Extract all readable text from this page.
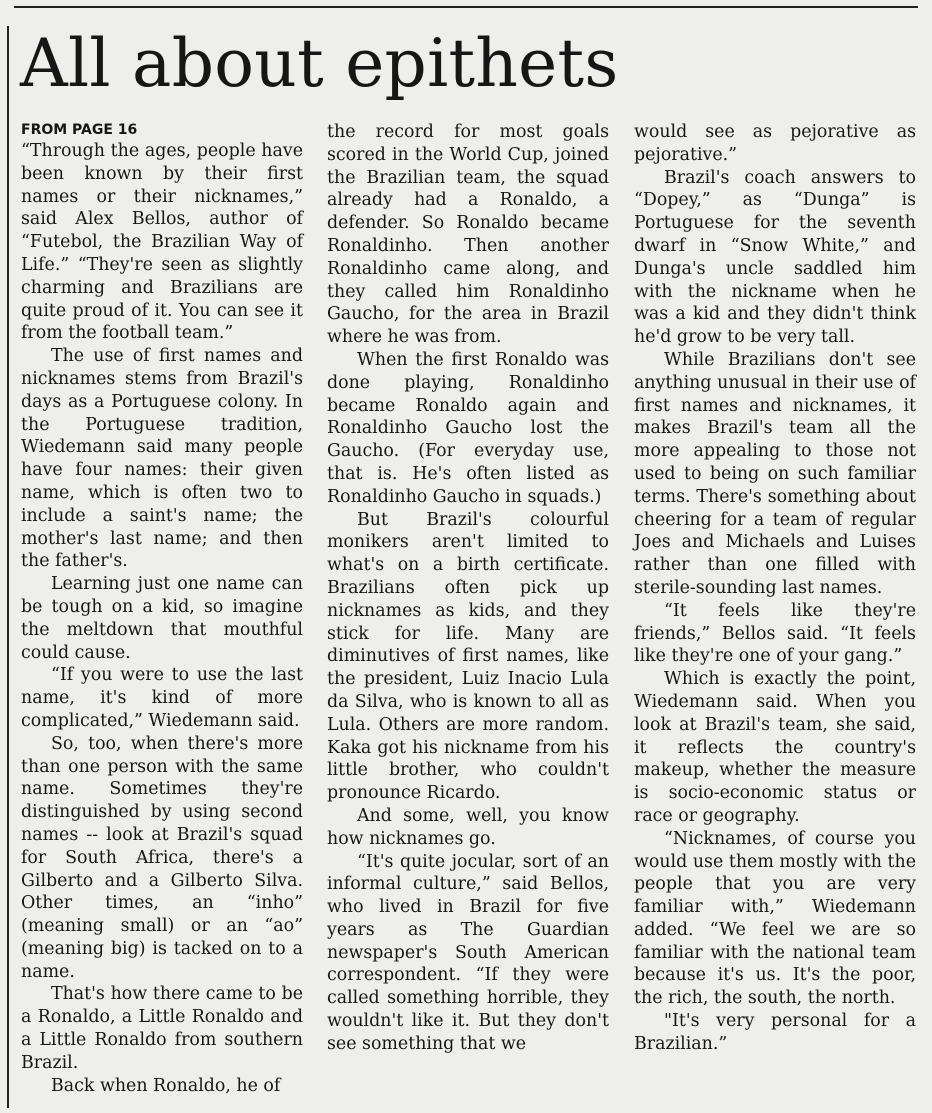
All about epithets
FROM PAGE 16

“Through the ages, people have been known by their first names or their nicknames,” said Alex Bellos, author of “Futebol, the Brazilian Way of Life.” “They're seen as slightly charming and Brazilians are quite proud of it. You can see it from the football team.”

The use of first names and nicknames stems from Brazil's days as a Portuguese colony. In the Portuguese tradition, Wiedemann said many people have four names: their given name, which is often two to include a saint's name; the mother's last name; and then the father's.

Learning just one name can be tough on a kid, so imagine the meltdown that mouthful could cause.

“If you were to use the last name, it's kind of more complicated,” Wiedemann said.

So, too, when there's more than one person with the same name. Sometimes they're distinguished by using second names -- look at Brazil's squad for South Africa, there's a Gilberto and a Gilberto Silva. Other times, an “inho” (meaning small) or an “ao” (meaning big) is tacked on to a name.

That's how there came to be a Ronaldo, a Little Ronaldo and a Little Ronaldo from southern Brazil.

Back when Ronaldo, he of

the record for most goals scored in the World Cup, joined the Brazilian team, the squad already had a Ronaldo, a defender. So Ronaldo became Ronaldinho. Then another Ronaldinho came along, and they called him Ronaldinho Gaucho, for the area in Brazil where he was from.

When the first Ronaldo was done playing, Ronaldinho became Ronaldo again and Ronaldinho Gaucho lost the Gaucho. (For everyday use, that is. He's often listed as Ronaldinho Gaucho in squads.)

But Brazil's colourful monikers aren't limited to what's on a birth certificate. Brazilians often pick up nicknames as kids, and they stick for life. Many are diminutives of first names, like the president, Luiz Inacio Lula da Silva, who is known to all as Lula. Others are more random. Kaka got his nickname from his little brother, who couldn't pronounce Ricardo.

And some, well, you know how nicknames go.

“It's quite jocular, sort of an informal culture,” said Bellos, who lived in Brazil for five years as The Guardian newspaper's South American correspondent. “If they were called something horrible, they wouldn't like it. But they don't see something that we

would see as pejorative as pejorative.”

Brazil's coach answers to “Dopey,” as “Dunga” is Portuguese for the seventh dwarf in “Snow White,” and Dunga's uncle saddled him with the nickname when he was a kid and they didn't think he'd grow to be very tall.

While Brazilians don't see anything unusual in their use of first names and nicknames, it makes Brazil's team all the more appealing to those not used to being on such familiar terms. There's something about cheering for a team of regular Joes and Michaels and Luises rather than one filled with sterile-sounding last names.

“It feels like they're friends,” Bellos said. “It feels like they're one of your gang.”

Which is exactly the point, Wiedemann said. When you look at Brazil's team, she said, it reflects the country's makeup, whether the measure is socio-economic status or race or geography.

“Nicknames, of course you would use them mostly with the people that you are very familiar with,” Wiedemann added. “We feel we are so familiar with the national team because it's us. It's the poor, the rich, the south, the north.

"It's very personal for a Brazilian.”
